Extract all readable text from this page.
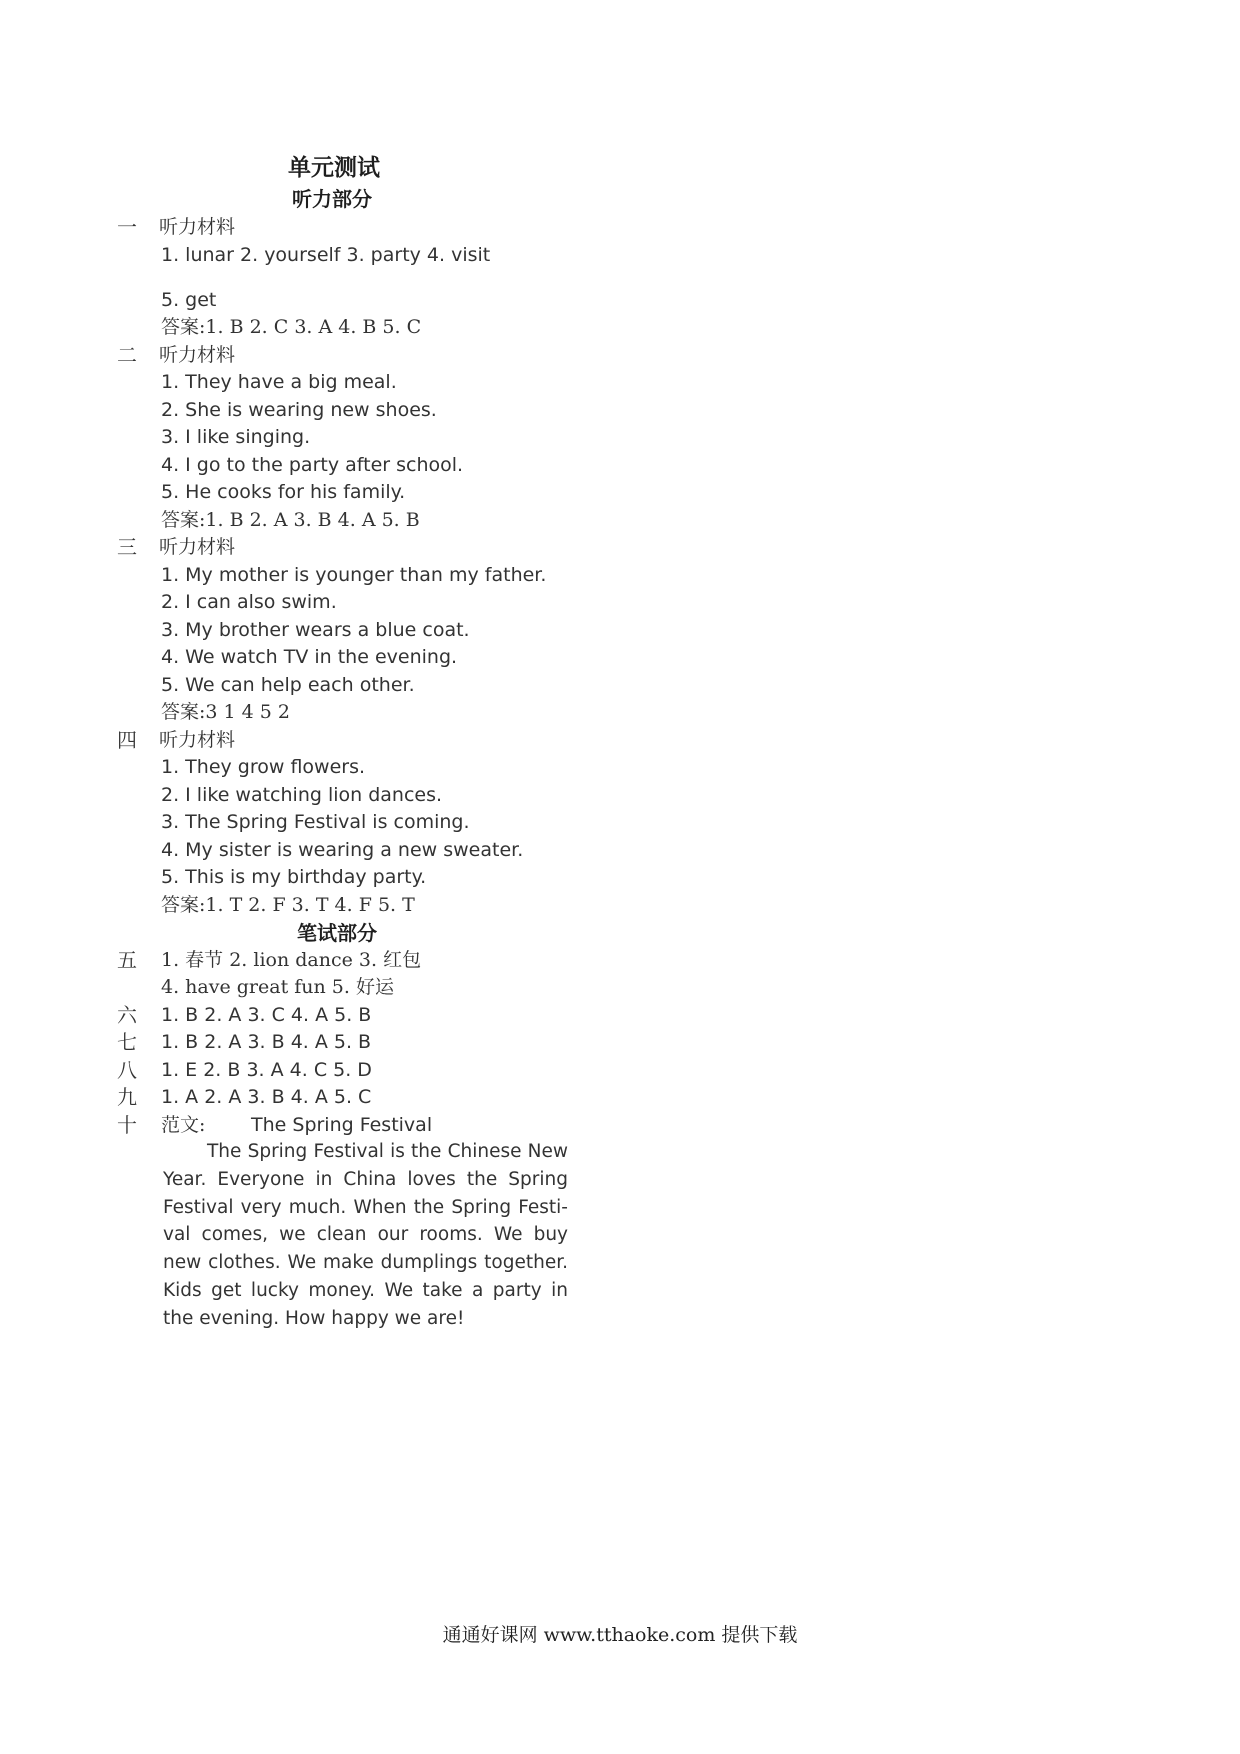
单元测试
听力部分
一 听力材料
1. lunar 2. yourself 3. party 4. visit
5. get
答案:1. B 2. C 3. A 4. B 5. C
二 听力材料
1. They have a big meal.
2. She is wearing new shoes.
3. I like singing.
4. I go to the party after school.
5. He cooks for his family.
答案:1. B 2. A 3. B 4. A 5. B
三 听力材料
1. My mother is younger than my father.
2. I can also swim.
3. My brother wears a blue coat.
4. We watch TV in the evening.
5. We can help each other.
答案:3 1 4 5 2
四 听力材料
1. They grow flowers.
2. I like watching lion dances.
3. The Spring Festival is coming.
4. My sister is wearing a new sweater.
5. This is my birthday party.
答案:1. T 2. F 3. T 4. F 5. T
笔试部分
五 1. 春节 2. lion dance 3. 红包
4. have great fun 5. 好运
六 1. B 2. A 3. C 4. A 5. B
七 1. B 2. A 3. B 4. A 5. B
八 1. E 2. B 3. A 4. C 5. D
九 1. A 2. A 3. B 4. A 5. C
十 范文: The Spring Festival
The Spring Festival is the Chinese New
Year. Everyone in China loves the Spring
Festival very much. When the Spring Festi-
val comes, we clean our rooms. We buy
new clothes. We make dumplings together.
Kids get lucky money. We take a party in
the evening. How happy we are!
通通好课网 www.tthaoke.com 提供下载
